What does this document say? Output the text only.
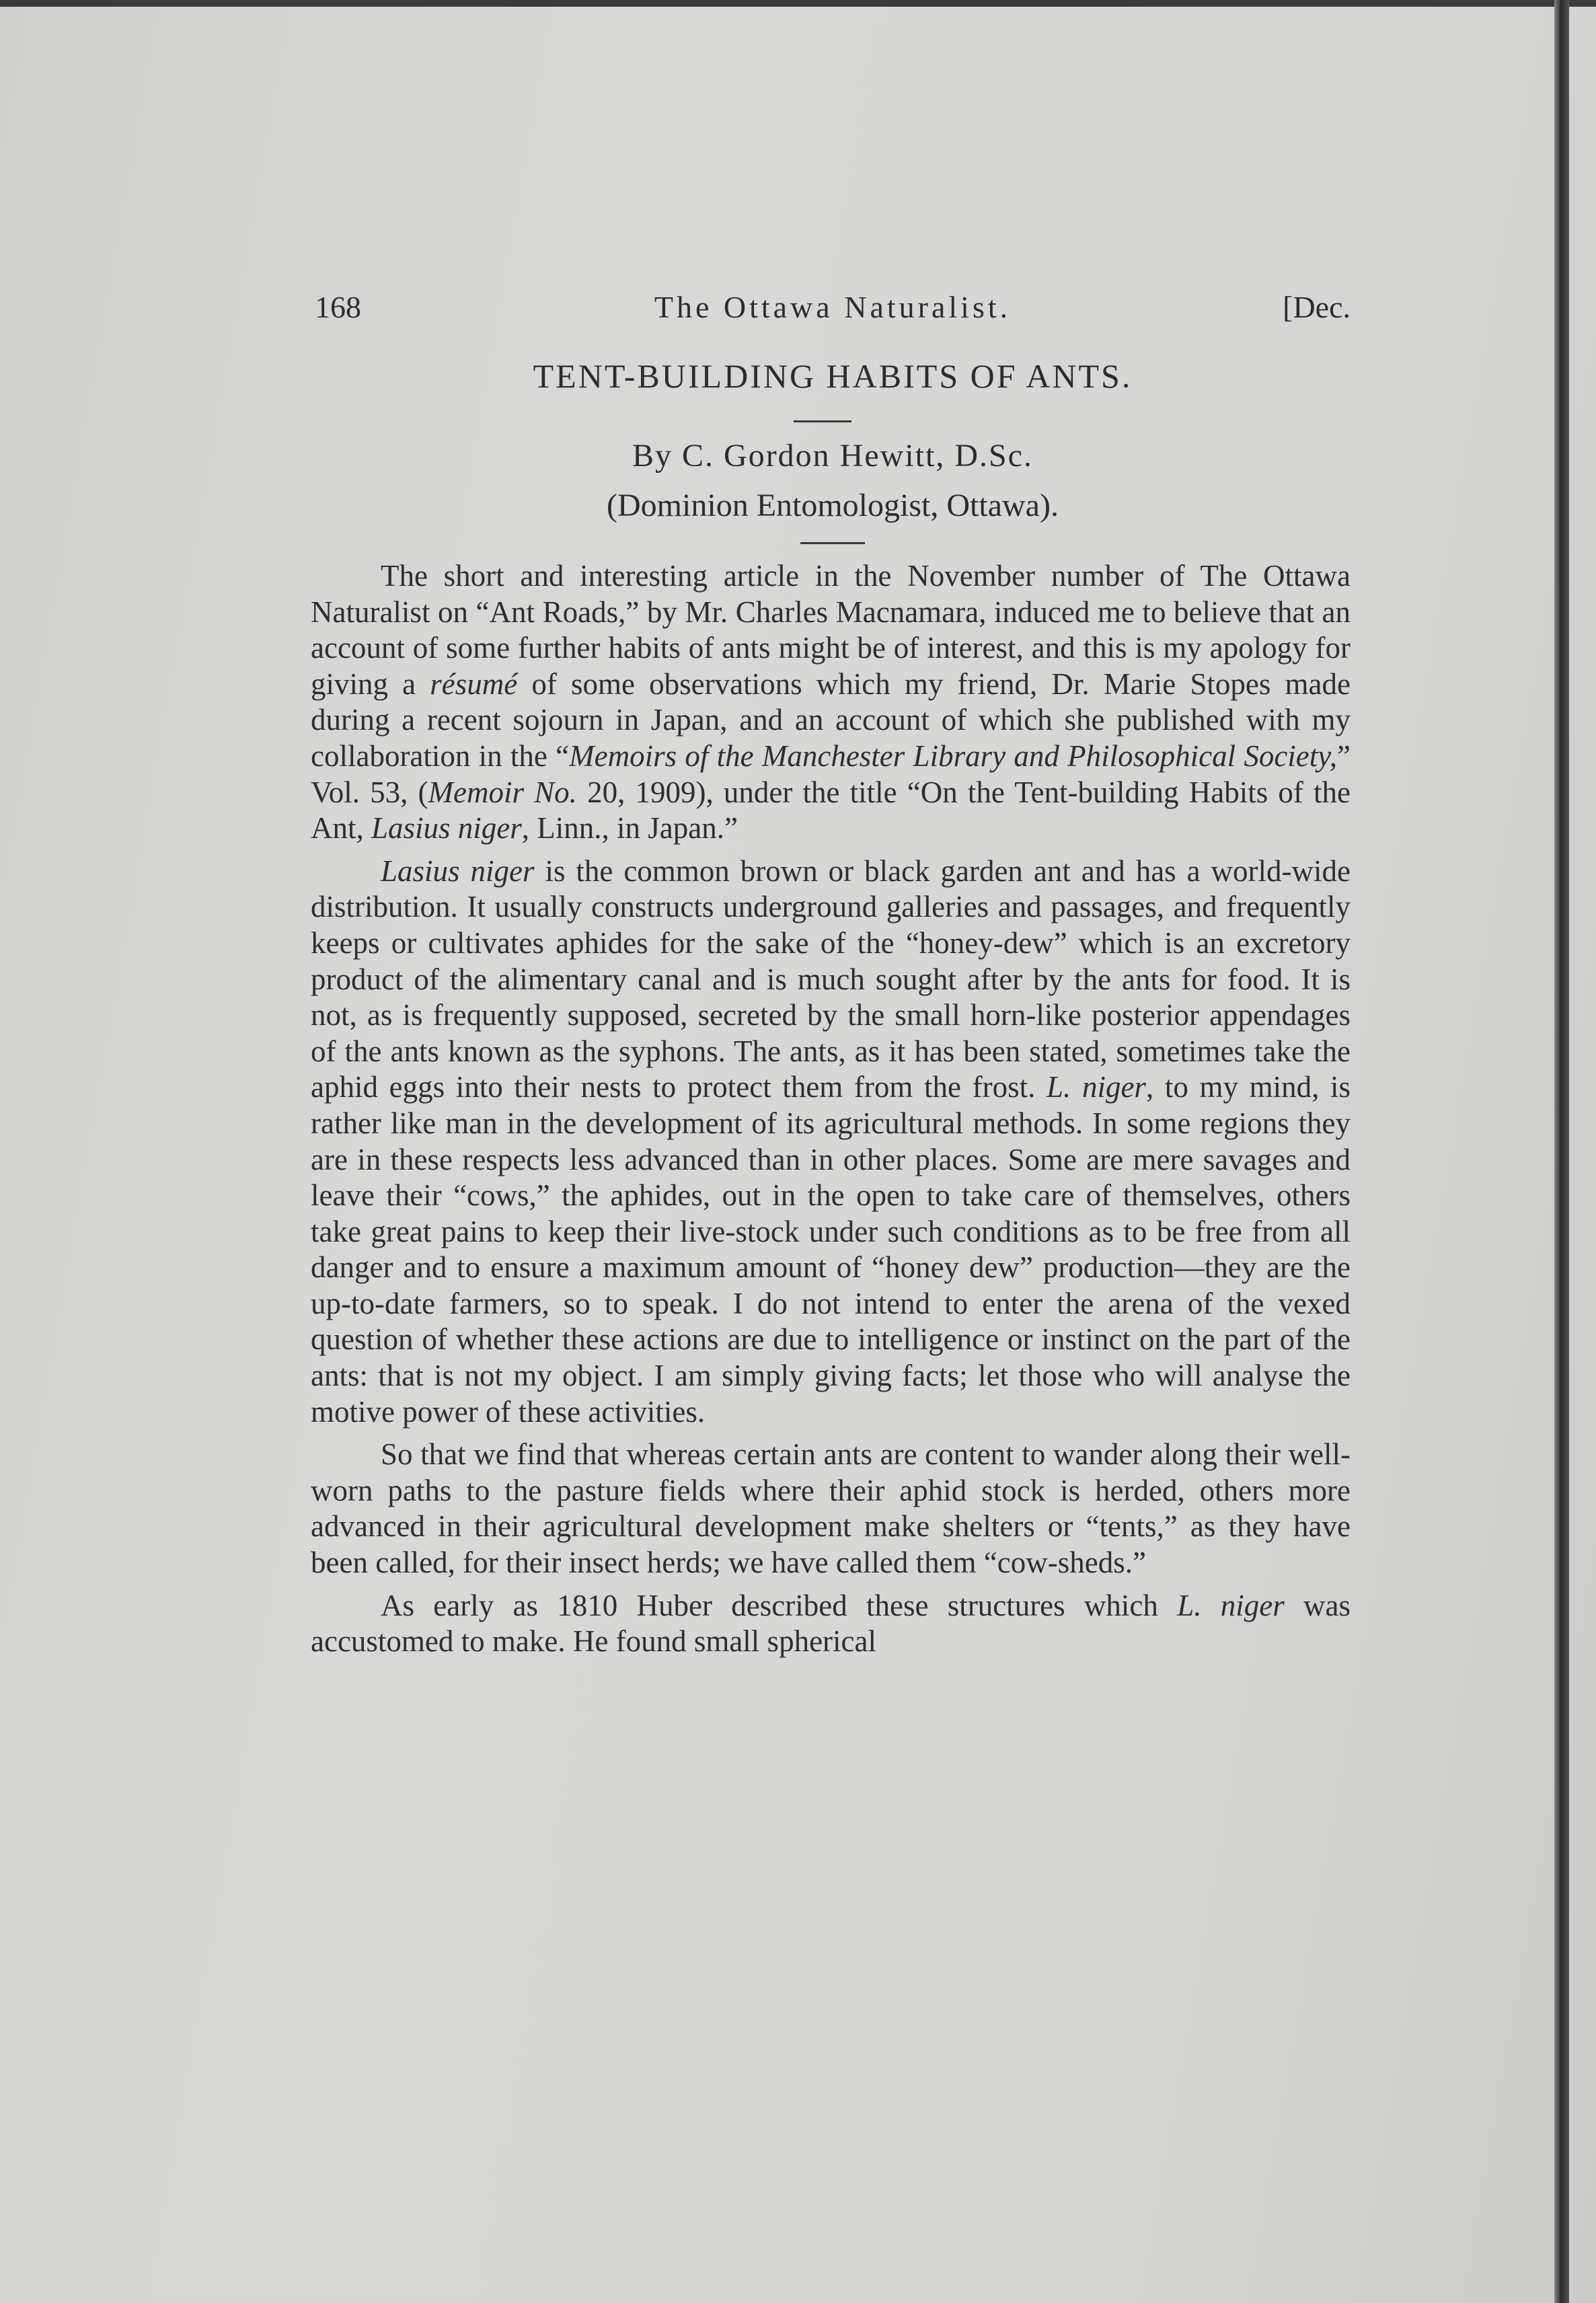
168	The Ottawa Naturalist.	[Dec.
TENT-BUILDING HABITS OF ANTS.
By C. Gordon Hewitt, D.Sc.
(Dominion Entomologist, Ottawa).

The short and interesting article in the November number of The Ottawa Naturalist on “Ant Roads,” by Mr. Charles Macnamara, induced me to believe that an account of some further habits of ants might be of interest, and this is my apology for giving a résumé of some observations which my friend, Dr. Marie Stopes made during a recent sojourn in Japan, and an account of which she published with my collaboration in the “Memoirs of the Manchester Library and Philosophical Society,” Vol. 53, (Memoir No. 20, 1909), under the title “On the Tent-building Habits of the Ant, Lasius niger, Linn., in Japan.”

Lasius niger is the common brown or black garden ant and has a world-wide distribution. It usually constructs underground galleries and passages, and frequently keeps or cultivates aphides for the sake of the “honey-dew” which is an excretory product of the alimentary canal and is much sought after by the ants for food. It is not, as is frequently supposed, secreted by the small horn-like posterior appendages of the ants known as the syphons. The ants, as it has been stated, sometimes take the aphid eggs into their nests to protect them from the frost. L. niger, to my mind, is rather like man in the development of its agricultural methods. In some regions they are in these respects less advanced than in other places. Some are mere savages and leave their “cows,” the aphides, out in the open to take care of themselves, others take great pains to keep their live-stock under such conditions as to be free from all danger and to ensure a maximum amount of “honey dew” production—they are the up-to-date farmers, so to speak. I do not intend to enter the arena of the vexed question of whether these actions are due to intelligence or instinct on the part of the ants: that is not my object. I am simply giving facts; let those who will analyse the motive power of these activities.

So that we find that whereas certain ants are content to wander along their well-worn paths to the pasture fields where their aphid stock is herded, others more advanced in their agricultural development make shelters or “tents,” as they have been called, for their insect herds; we have called them “cow-sheds.”

As early as 1810 Huber described these structures which L. niger was accustomed to make. He found small spherical
